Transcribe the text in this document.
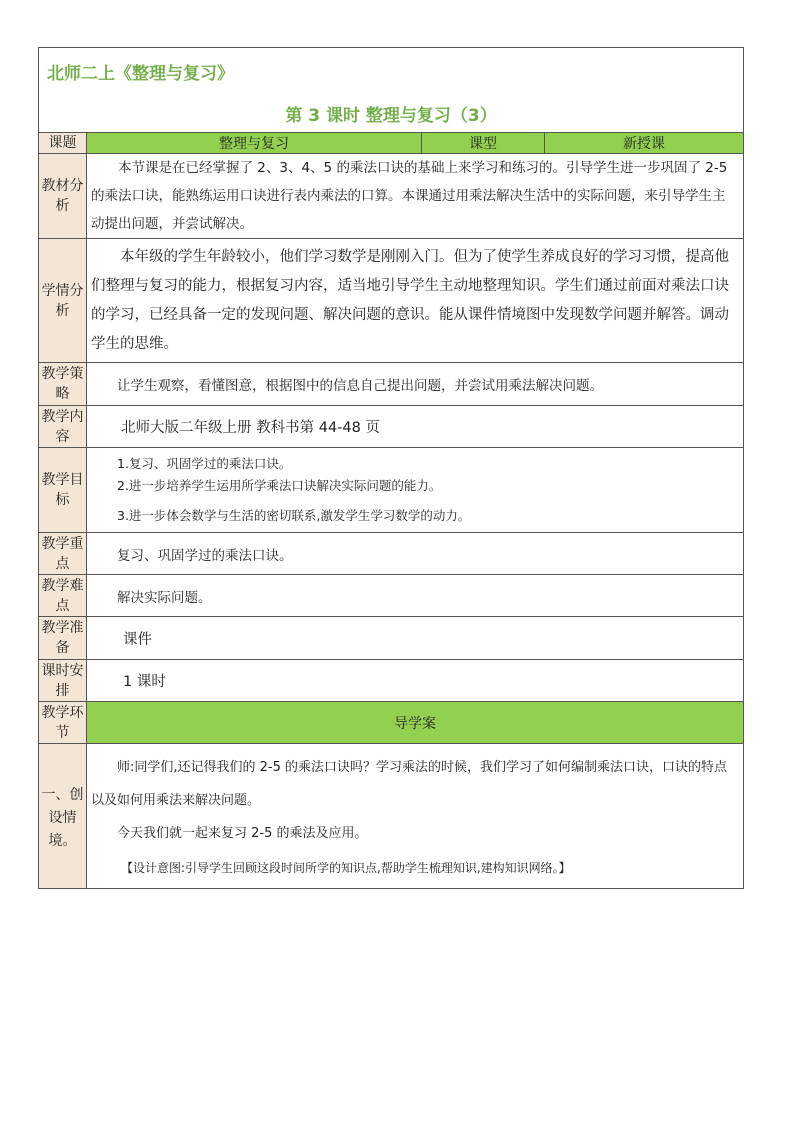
北师二上《整理与复习》
第 3 课时 整理与复习（3）			

课题	整理与复习	课型	新授课
教材分析	本节课是在已经掌握了 2、3、4、5 的乘法口诀的基础上来学习和练习的。引导学生进一步巩固了 2-5 的乘法口诀，能熟练运用口诀进行表内乘法的口算。本课通过用乘法解决生活中的实际问题，来引导学生主动提出问题，并尝试解决。		
学情分析	本年级的学生年龄较小，他们学习数学是刚刚入门。但为了使学生养成良好的学习习惯，提高他们整理与复习的能力，根据复习内容，适当地引导学生主动地整理知识。学生们通过前面对乘法口诀的学习，已经具备一定的发现问题、解决问题的意识。能从课件情境图中发现数学问题并解答。调动学生的思维。		
教学策略	让学生观察，看懂图意，根据图中的信息自己提出问题，并尝试用乘法解决问题。		
教学内容	北师大版二年级上册 教科书第 44-48 页		
教学目标	1.复习、巩固学过的乘法口诀。
2.进一步培养学生运用所学乘法口诀解决实际问题的能力。
3.进一步体会数学与生活的密切联系,激发学生学习数学的动力。		

教学重点	复习、巩固学过的乘法口诀。		
教学难点	解决实际问题。		
教学准备	课件		
课时安排	1 课时		
教学环节	导学案		
一、创设情境。	师:同学们,还记得我们的 2-5 的乘法口诀吗？学习乘法的时候，我们学习了如何编制乘法口诀，口诀的特点以及如何用乘法来解决问题。

今天我们就一起来复习 2-5 的乘法及应用。

【设计意图:引导学生回顾这段时间所学的知识点,帮助学生梳理知识,建构知识网络。】		
